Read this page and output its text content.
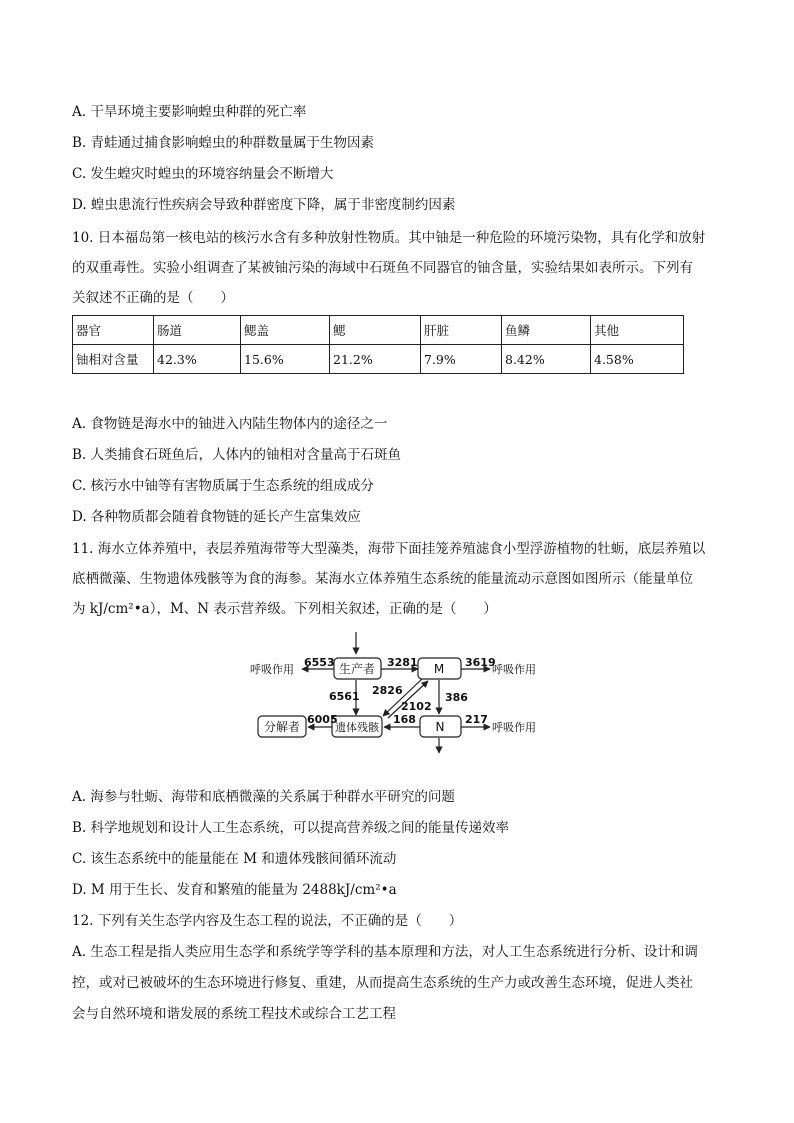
A. 干旱环境主要影响蝗虫种群的死亡率
B. 青蛙通过捕食影响蝗虫的种群数量属于生物因素
C. 发生蝗灾时蝗虫的环境容纳量会不断增大
D. 蝗虫患流行性疾病会导致种群密度下降，属于非密度制约因素
10. 日本福岛第一核电站的核污水含有多种放射性物质。其中铀是一种危险的环境污染物，具有化学和放射
的双重毒性。实验小组调查了某被铀污染的海域中石斑鱼不同器官的铀含量，实验结果如表所示。下列有
关叙述不正确的是（　　）
器官	肠道	鳃盖	鳃	肝脏	鱼鳞	其他
铀相对含量	42.3%	15.6%	21.2%	7.9%	8.42%	4.58%
A. 食物链是海水中的铀进入内陆生物体内的途径之一
B. 人类捕食石斑鱼后，人体内的铀相对含量高于石斑鱼
C. 核污水中铀等有害物质属于生态系统的组成成分
D. 各种物质都会随着食物链的延长产生富集效应
11. 海水立体养殖中，表层养殖海带等大型藻类，海带下面挂笼养殖滤食小型浮游植物的牡蛎，底层养殖以
底栖微藻、生物遗体残骸等为食的海参。某海水立体养殖生态系统的能量流动示意图如图所示（能量单位
为 kJ/cm²•a），M、N 表示营养级。下列相关叙述，正确的是（　　）
生产者	M
遗体残骸	N
分解者
呼吸作用	呼吸作用
呼吸作用
6553	3281	3619
6561 2826
2102
386
6005	168	217
A. 海参与牡蛎、海带和底栖微藻的关系属于种群水平研究的问题
B. 科学地规划和设计人工生态系统，可以提高营养级之间的能量传递效率
C. 该生态系统中的能量能在 M 和遗体残骸间循环流动
D. M 用于生长、发育和繁殖的能量为 2488kJ/cm²•a
12. 下列有关生态学内容及生态工程的说法，不正确的是（　　）
A. 生态工程是指人类应用生态学和系统学等学科的基本原理和方法，对人工生态系统进行分析、设计和调
控，或对已被破坏的生态环境进行修复、重建，从而提高生态系统的生产力或改善生态环境，促进人类社
会与自然环境和谐发展的系统工程技术或综合工艺工程
